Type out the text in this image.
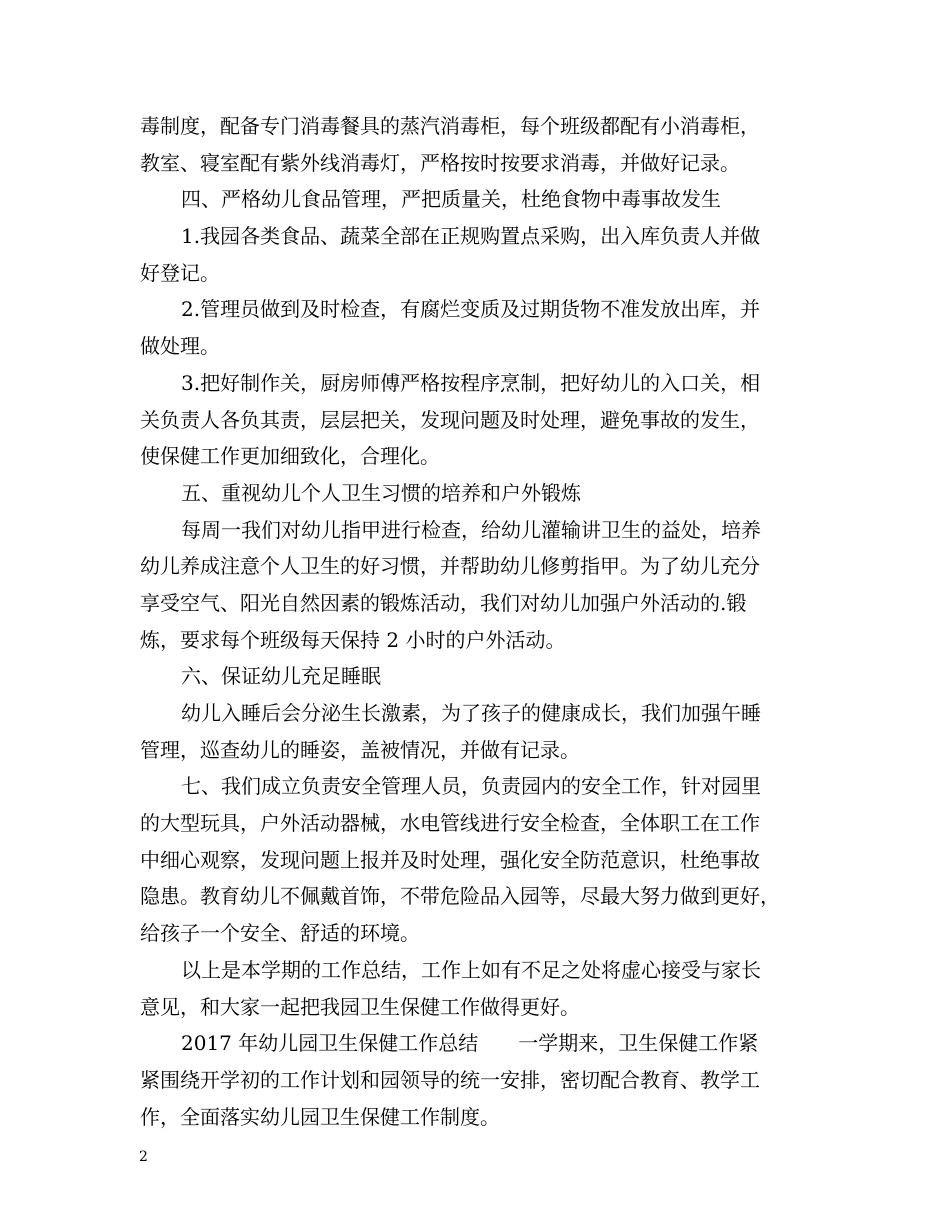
毒制度，配备专门消毒餐具的蒸汽消毒柜，每个班级都配有小消毒柜，
教室、寝室配有紫外线消毒灯，严格按时按要求消毒，并做好记录。
四、严格幼儿食品管理，严把质量关，杜绝食物中毒事故发生
1.我园各类食品、蔬菜全部在正规购置点采购，出入库负责人并做
好登记。
2.管理员做到及时检查，有腐烂变质及过期货物不准发放出库，并
做处理。
3.把好制作关，厨房师傅严格按程序烹制，把好幼儿的入口关，相
关负责人各负其责，层层把关，发现问题及时处理，避免事故的发生，
使保健工作更加细致化，合理化。
五、重视幼儿个人卫生习惯的培养和户外锻炼
每周一我们对幼儿指甲进行检查，给幼儿灌输讲卫生的益处，培养
幼儿养成注意个人卫生的好习惯，并帮助幼儿修剪指甲。为了幼儿充分
享受空气、阳光自然因素的锻炼活动，我们对幼儿加强户外活动的.锻
炼，要求每个班级每天保持 2 小时的户外活动。
六、保证幼儿充足睡眠
幼儿入睡后会分泌生长激素，为了孩子的健康成长，我们加强午睡
管理，巡查幼儿的睡姿，盖被情况，并做有记录。
七、我们成立负责安全管理人员，负责园内的安全工作，针对园里
的大型玩具，户外活动器械，水电管线进行安全检查，全体职工在工作
中细心观察，发现问题上报并及时处理，强化安全防范意识，杜绝事故
隐患。教育幼儿不佩戴首饰，不带危险品入园等，尽最大努力做到更好，
给孩子一个安全、舒适的环境。
以上是本学期的工作总结，工作上如有不足之处将虚心接受与家长
意见，和大家一起把我园卫生保健工作做得更好。
2017 年幼儿园卫生保健工作总结　　一学期来，卫生保健工作紧
紧围绕开学初的工作计划和园领导的统一安排，密切配合教育、教学工
作，全面落实幼儿园卫生保健工作制度。
2
